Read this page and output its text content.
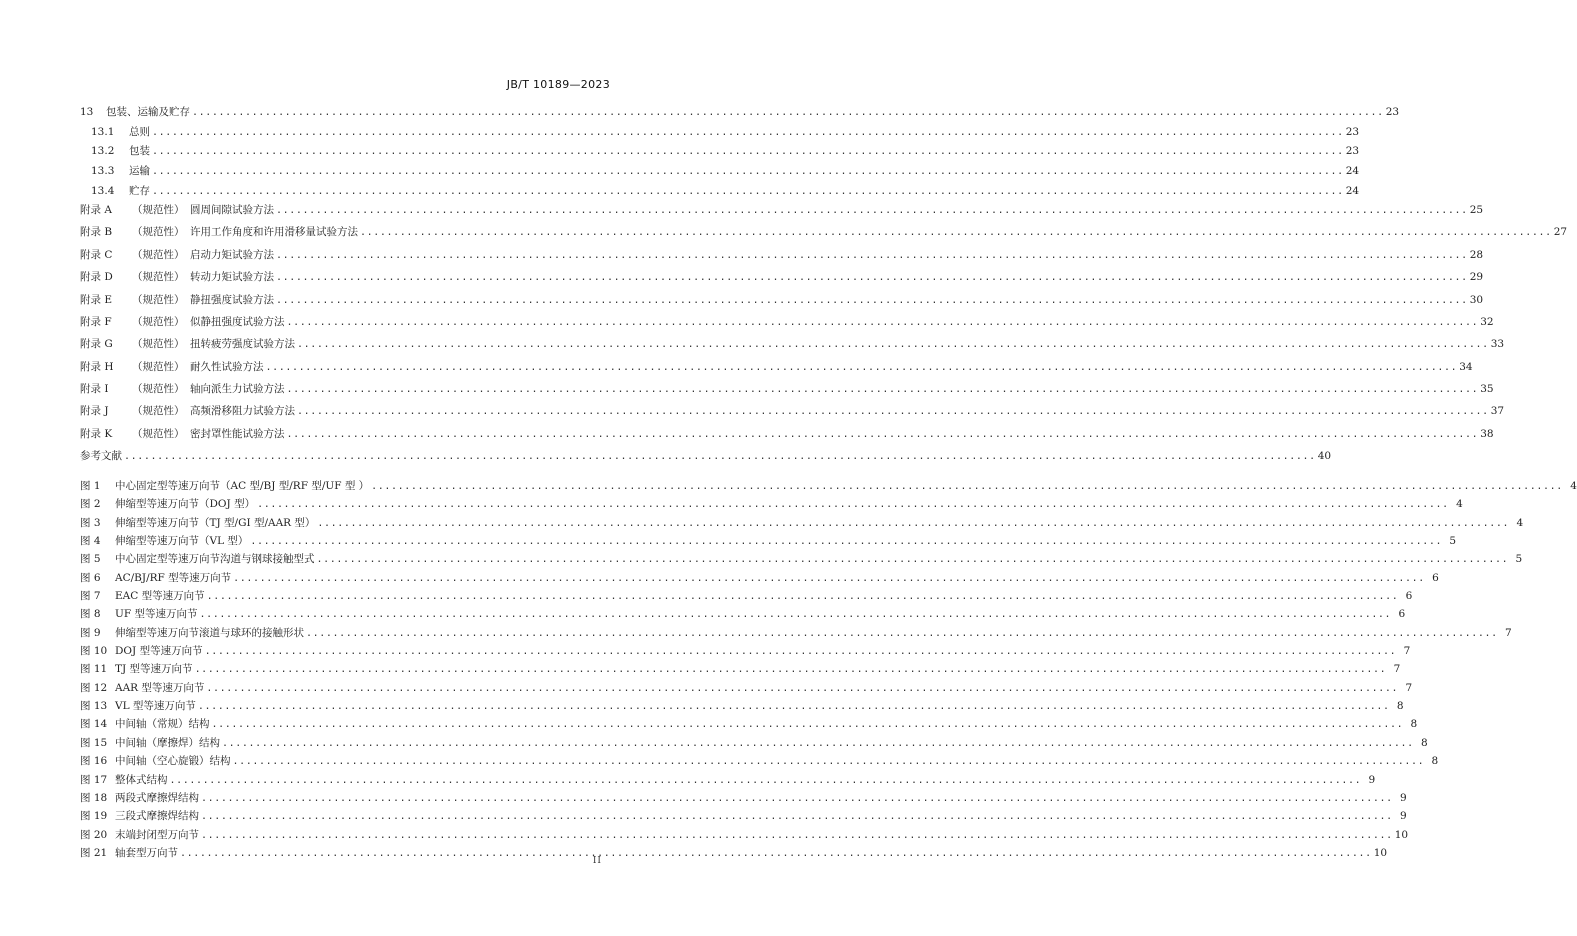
JB/T 10189—2023
13	包装、运输及贮存 .....	23
13.1	总则 .....	23
13.2	包装 .....	23
13.3	运输 .....	24
13.4	贮存 .....	24
附录 A	（规范性） 圆周间隙试验方法 .....	25
附录 B	（规范性） 许用工作角度和许用滑移量试验方法 .....	27
附录 C	（规范性） 启动力矩试验方法 .....	28
附录 D	（规范性） 转动力矩试验方法 .....	29
附录 E	（规范性） 静扭强度试验方法 .....	30
附录 F	（规范性） 似静扭强度试验方法 .....	32
附录 G	（规范性） 扭转疲劳强度试验方法 .....	33
附录 H	（规范性） 耐久性试验方法 .....	34
附录 I	（规范性） 轴向派生力试验方法 .....	35
附录 J	（规范性） 高频滑移阻力试验方法 .....	37
附录 K	（规范性） 密封罩性能试验方法 .....	38
参考文献 .....	40
图 1	中心固定型等速万向节（AC 型/BJ 型/RF 型/UF 型 ） .....	4
图 2	伸缩型等速万向节（DOJ 型） .....	4
图 3	伸缩型等速万向节（TJ 型/GI 型/AAR 型） .....	4
图 4	伸缩型等速万向节（VL 型） .....	5
图 5	中心固定型等速万向节沟道与钢球接触型式 .....	5
图 6	AC/BJ/RF 型等速万向节 .....	6
图 7	EAC 型等速万向节 .....	6
图 8	UF 型等速万向节 .....	6
图 9	伸缩型等速万向节滚道与球环的接触形状 .....	7
图 10 DOJ 型等速万向节 .....	7
图 11 TJ 型等速万向节 .....	7
图 12 AAR 型等速万向节 .....	7
图 13 VL 型等速万向节 .....	8
图 14 中间轴（常规）结构 .....	8
图 15 中间轴（摩擦焊）结构 .....	8
图 16 中间轴（空心旋锻）结构 .....	8
图 17 整体式结构 .....	9
图 18 两段式摩擦焊结构 .....	9
图 19 三段式摩擦焊结构 .....	9
图 20 末端封闭型万向节 .....	10
图 21 轴套型万向节 .....	10
II
